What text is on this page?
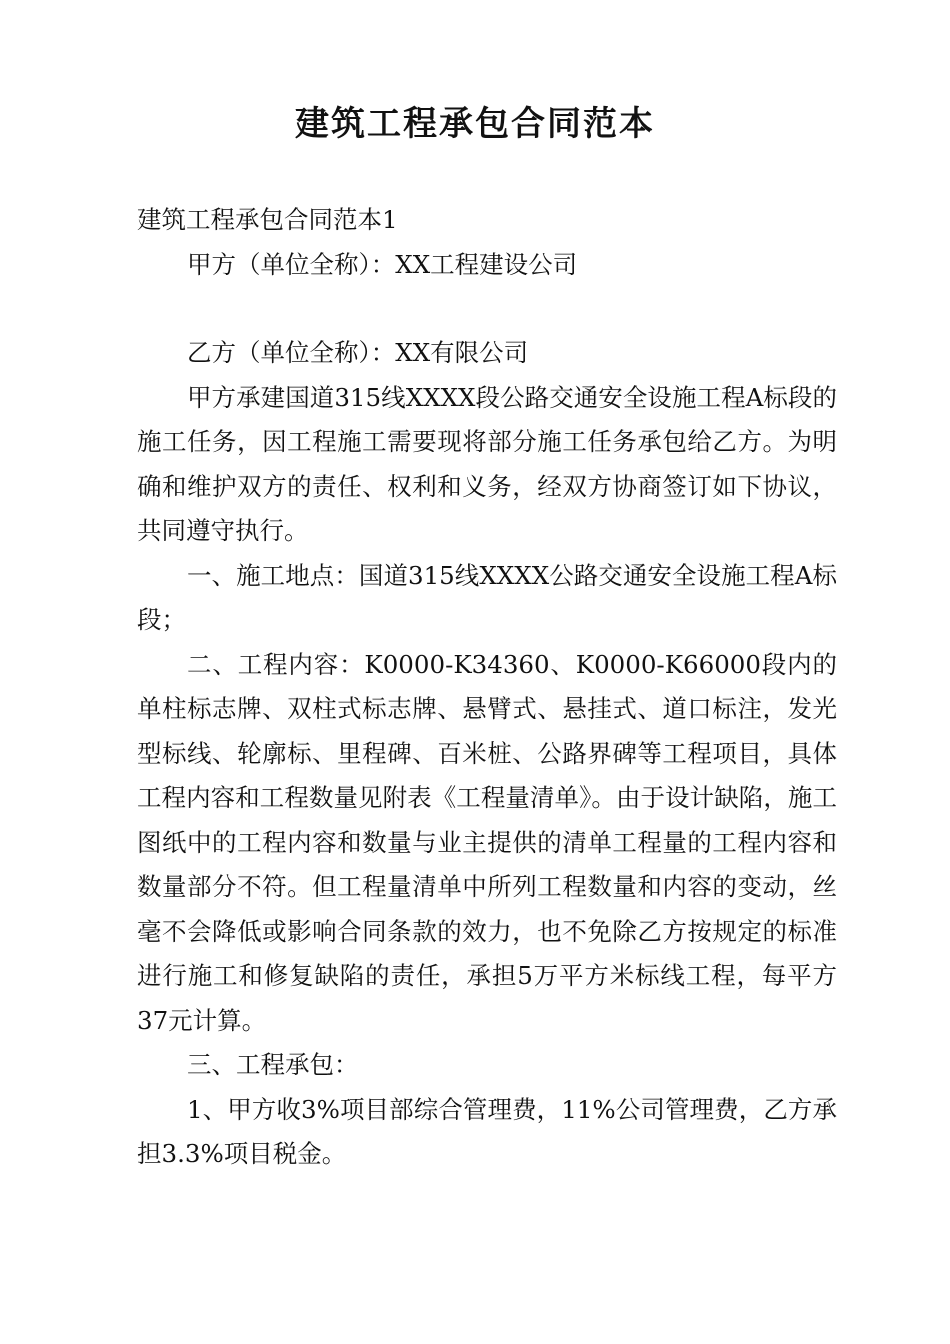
建筑工程承包合同范本

建筑工程承包合同范本1

甲方（单位全称）：XX工程建设公司

乙方（单位全称）：XX有限公司

甲方承建国道315线XXXX段公路交通安全设施工程A标段的施工任务，因工程施工需要现将部分施工任务承包给乙方。为明确和维护双方的责任、权利和义务，经双方协商签订如下协议，共同遵守执行。

一、施工地点：国道315线XXXX公路交通安全设施工程A标段；

二、工程内容：K0000-K34360、K0000-K66000段内的单柱标志牌、双柱式标志牌、悬臂式、悬挂式、道口标注，发光型标线、轮廓标、里程碑、百米桩、公路界碑等工程项目，具体工程内容和工程数量见附表《工程量清单》。由于设计缺陷，施工图纸中的工程内容和数量与业主提供的清单工程量的工程内容和数量部分不符。但工程量清单中所列工程数量和内容的变动，丝毫不会降低或影响合同条款的效力，也不免除乙方按规定的标准进行施工和修复缺陷的责任，承担5万平方米标线工程，每平方37元计算。

三、工程承包：

1、甲方收3%项目部综合管理费，11%公司管理费，乙方承担3.3%项目税金。
